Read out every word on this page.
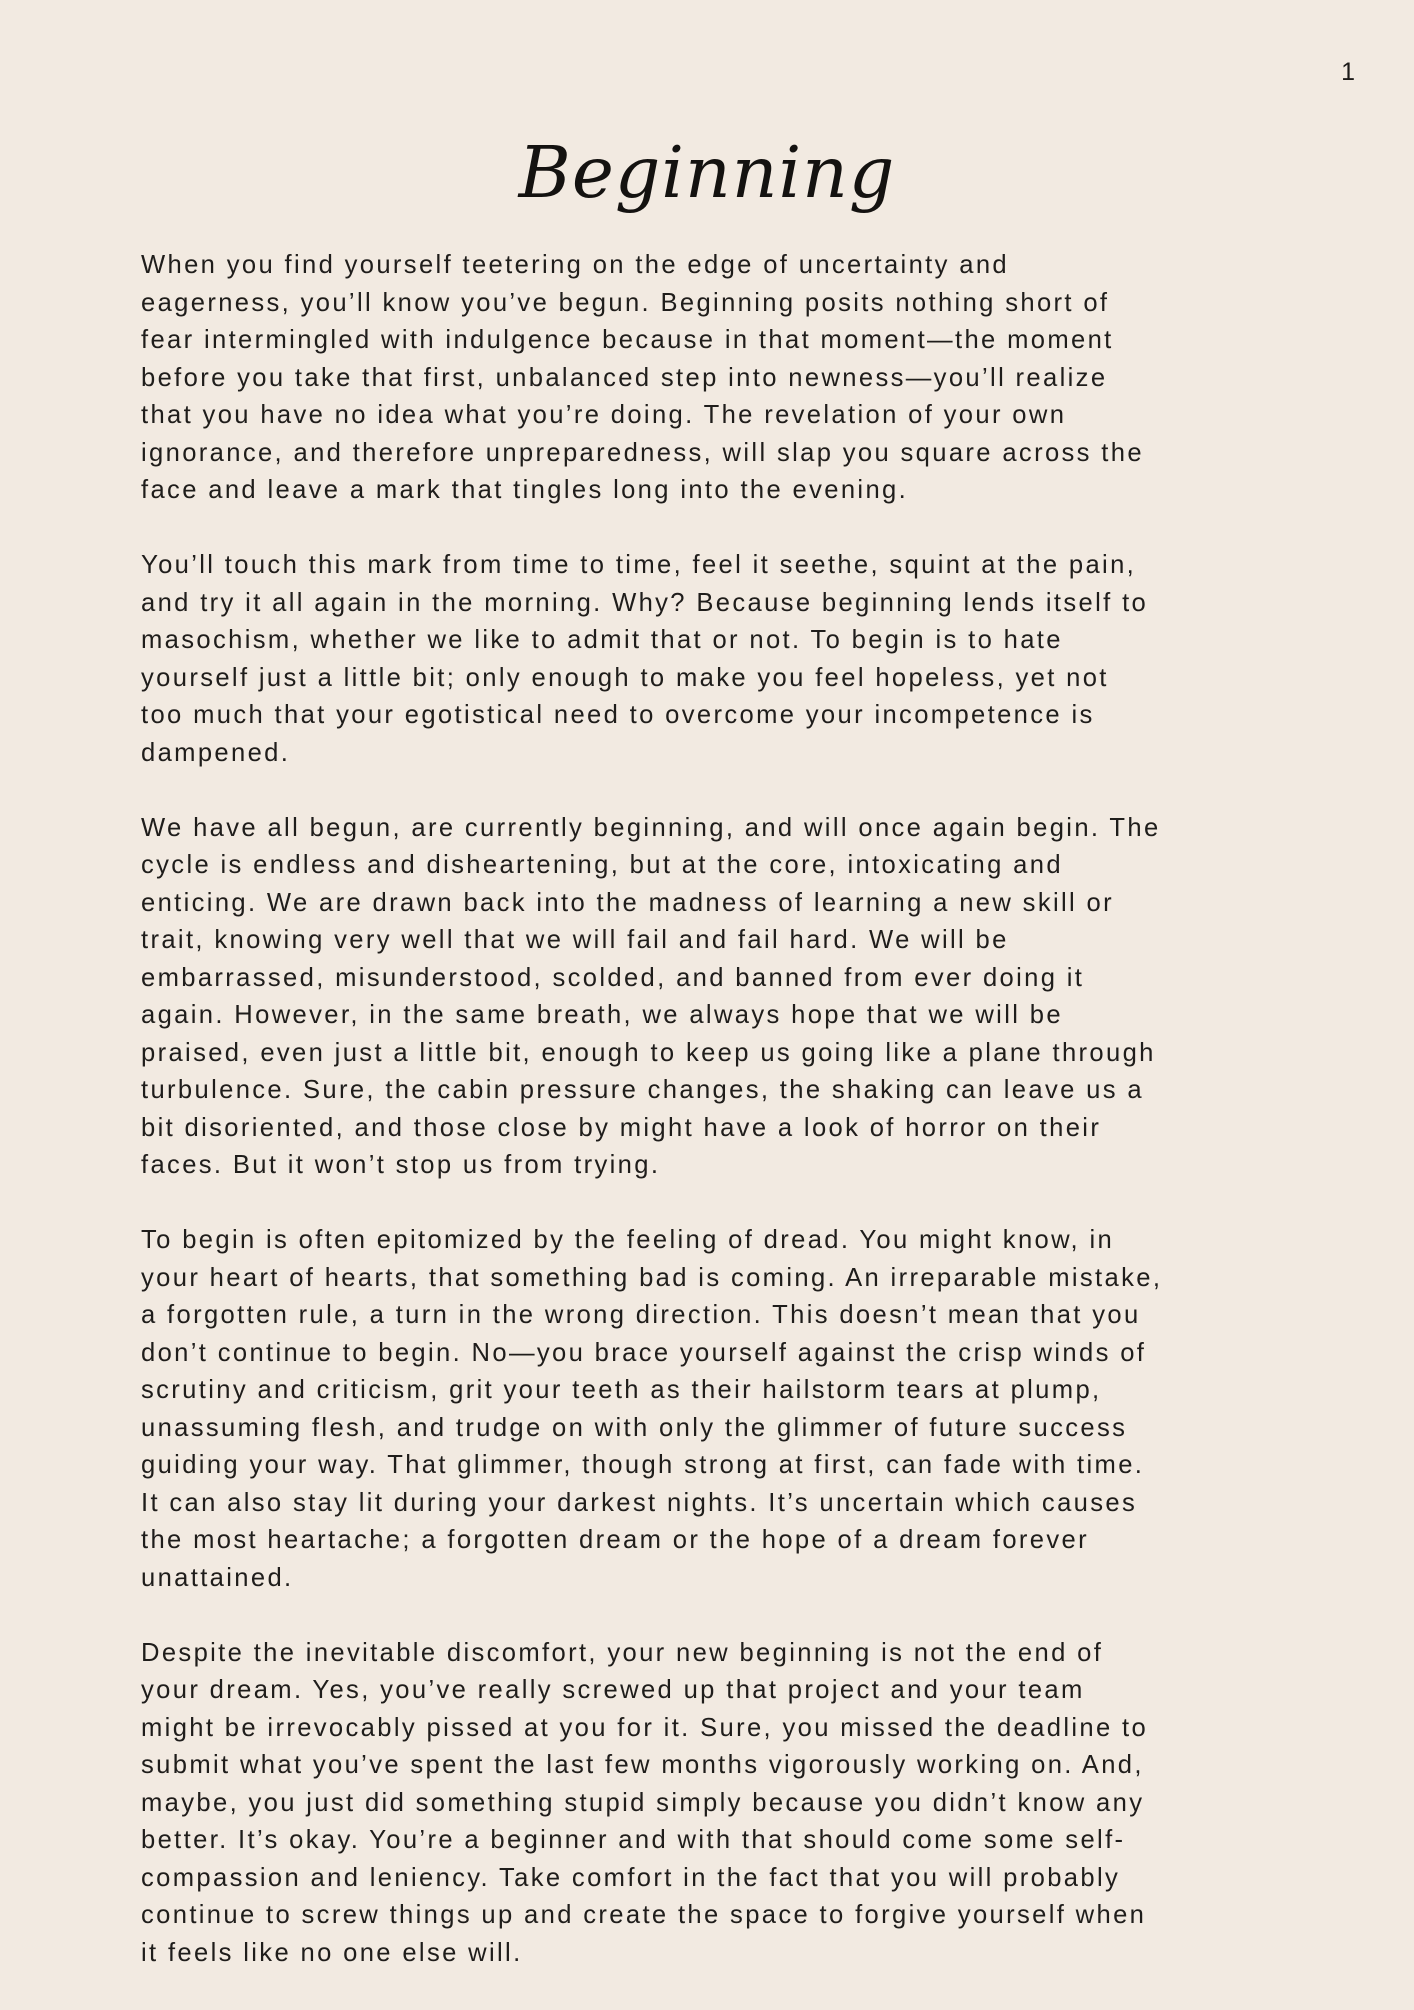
1
Beginning

When you find yourself teetering on the edge of uncertainty and
eagerness, you’ll know you’ve begun. Beginning posits nothing short of
fear intermingled with indulgence because in that moment—the moment
before you take that first, unbalanced step into newness—you’ll realize
that you have no idea what you’re doing. The revelation of your own
ignorance, and therefore unpreparedness, will slap you square across the
face and leave a mark that tingles long into the evening.

You’ll touch this mark from time to time, feel it seethe, squint at the pain,
and try it all again in the morning. Why? Because beginning lends itself to
masochism, whether we like to admit that or not. To begin is to hate
yourself just a little bit; only enough to make you feel hopeless, yet not
too much that your egotistical need to overcome your incompetence is
dampened.

We have all begun, are currently beginning, and will once again begin. The
cycle is endless and disheartening, but at the core, intoxicating and
enticing. We are drawn back into the madness of learning a new skill or
trait, knowing very well that we will fail and fail hard. We will be
embarrassed, misunderstood, scolded, and banned from ever doing it
again. However, in the same breath, we always hope that we will be
praised, even just a little bit, enough to keep us going like a plane through
turbulence. Sure, the cabin pressure changes, the shaking can leave us a
bit disoriented, and those close by might have a look of horror on their
faces. But it won’t stop us from trying.

To begin is often epitomized by the feeling of dread. You might know, in
your heart of hearts, that something bad is coming. An irreparable mistake,
a forgotten rule, a turn in the wrong direction. This doesn’t mean that you
don’t continue to begin. No—you brace yourself against the crisp winds of
scrutiny and criticism, grit your teeth as their hailstorm tears at plump,
unassuming flesh, and trudge on with only the glimmer of future success
guiding your way. That glimmer, though strong at first, can fade with time.
It can also stay lit during your darkest nights. It’s uncertain which causes
the most heartache; a forgotten dream or the hope of a dream forever
unattained.

Despite the inevitable discomfort, your new beginning is not the end of
your dream. Yes, you’ve really screwed up that project and your team
might be irrevocably pissed at you for it. Sure, you missed the deadline to
submit what you’ve spent the last few months vigorously working on. And,
maybe, you just did something stupid simply because you didn’t know any
better. It’s okay. You’re a beginner and with that should come some self-
compassion and leniency. Take comfort in the fact that you will probably
continue to screw things up and create the space to forgive yourself when
it feels like no one else will.
